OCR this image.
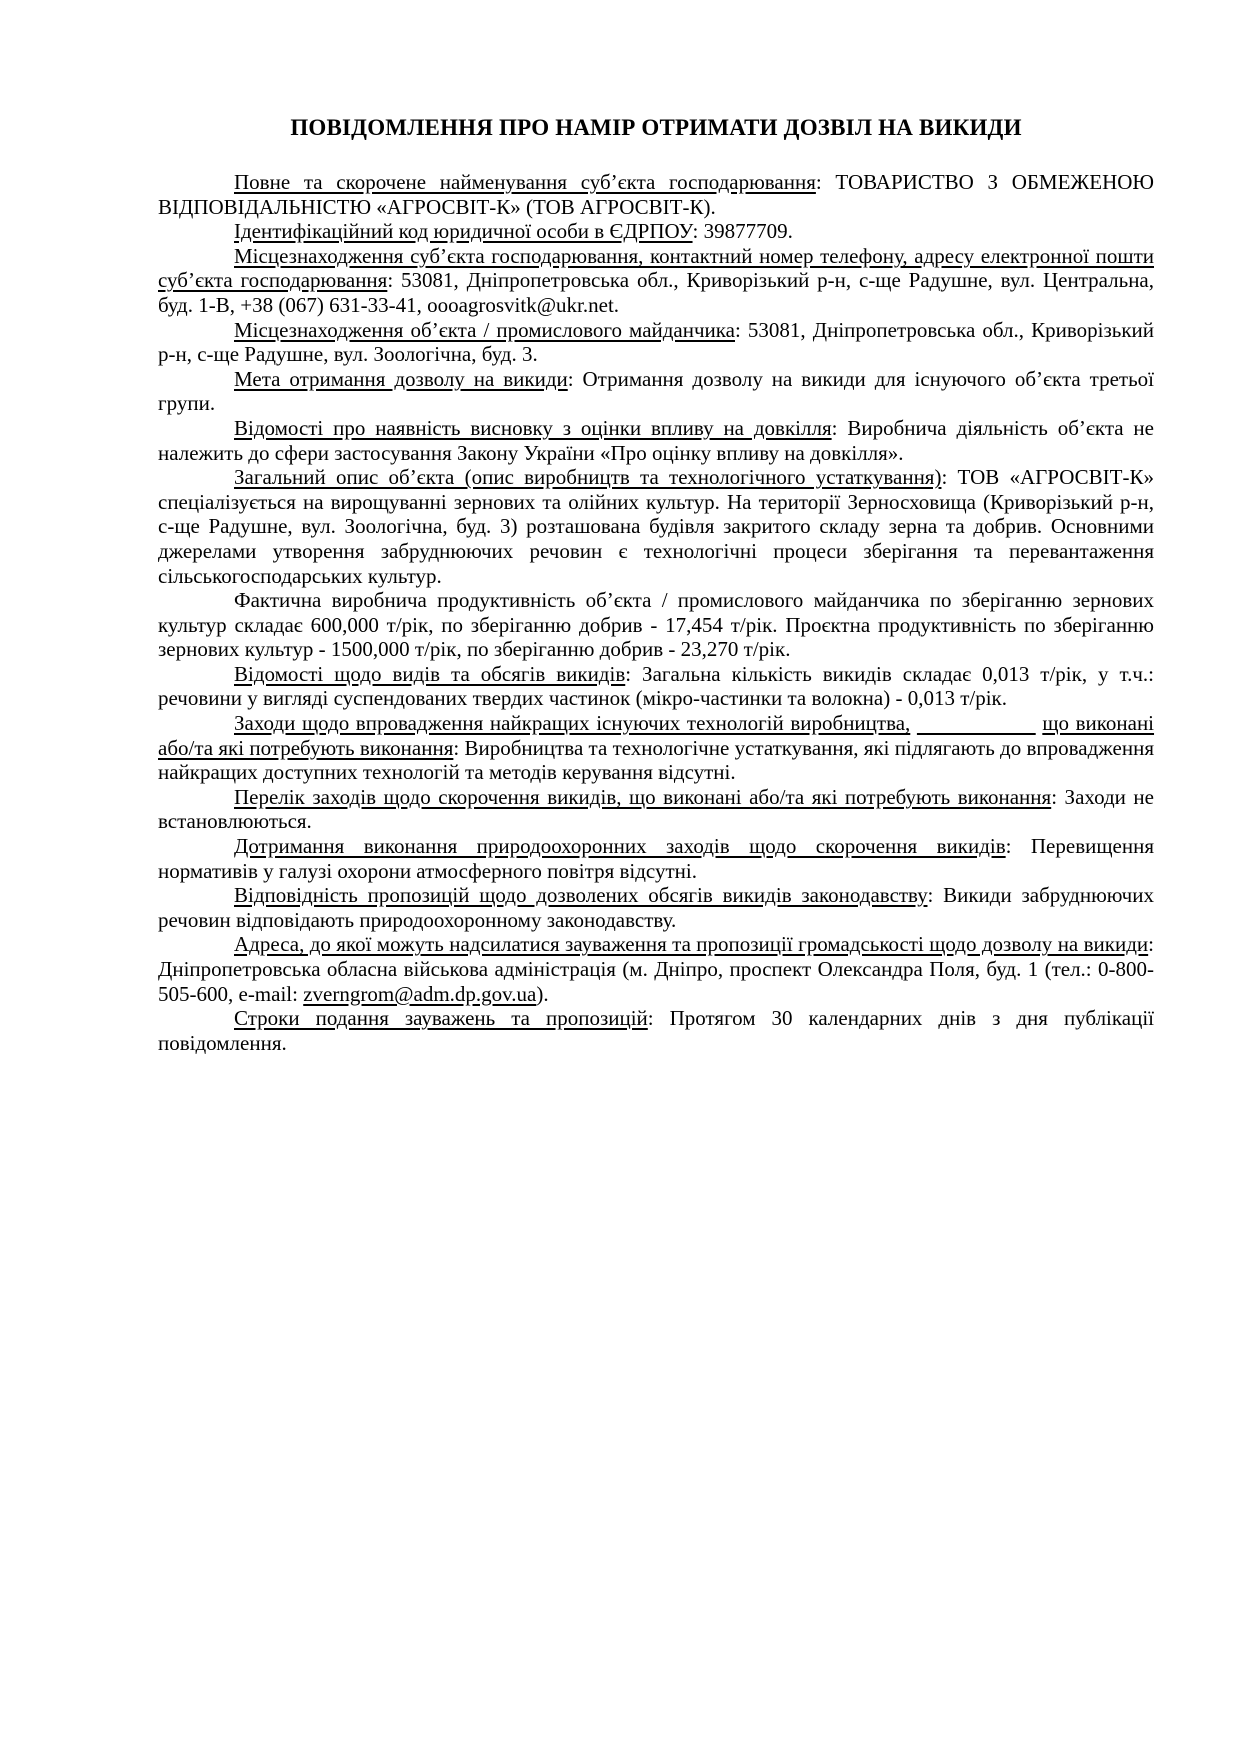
ПОВІДОМЛЕННЯ ПРО НАМІР ОТРИМАТИ ДОЗВІЛ НА ВИКИДИ

Повне та скорочене найменування суб’єкта господарювання: ТОВАРИСТВО З ОБМЕЖЕНОЮ ВІДПОВІДАЛЬНІСТЮ «АГРОСВІТ-К» (ТОВ АГРОСВІТ-К).

Ідентифікаційний код юридичної особи в ЄДРПОУ: 39877709.

Місцезнаходження суб’єкта господарювання, контактний номер телефону, адресу електронної пошти суб’єкта господарювання: 53081, Дніпропетровська обл., Криворізький р-н, с-ще Радушне, вул. Центральна, буд. 1-В, +38 (067) 631-33-41, oooagrosvitk@ukr.net.

Місцезнаходження об’єкта / промислового майданчика: 53081, Дніпропетровська обл., Криворізький р-н, с-ще Радушне, вул. Зоологічна, буд. 3.

Мета отримання дозволу на викиди: Отримання дозволу на викиди для існуючого об’єкта третьої групи.

Відомості про наявність висновку з оцінки впливу на довкілля: Виробнича діяльність об’єкта не належить до сфери застосування Закону України «Про оцінку впливу на довкілля».

Загальний опис об’єкта (опис виробництв та технологічного устаткування): ТОВ «АГРОСВІТ-К» спеціалізується на вирощуванні зернових та олійних культур. На території Зерносховища (Криворізький р-н, с-ще Радушне, вул. Зоологічна, буд. 3) розташована будівля закритого складу зерна та добрив. Основними джерелами утворення забруднюючих речовин є технологічні процеси зберігання та перевантаження сільськогосподарських культур.

Фактична виробнича продуктивність об’єкта / промислового майданчика по зберіганню зернових культур складає 600,000 т/рік, по зберіганню добрив - 17,454 т/рік. Проєктна продуктивність по зберіганню зернових культур - 1500,000 т/рік, по зберіганню добрив - 23,270 т/рік.

Відомості щодо видів та обсягів викидів: Загальна кількість викидів складає 0,013 т/рік, у т.ч.: речовини у вигляді суспендованих твердих частинок (мікро-частинки та волокна) - 0,013 т/рік.

Заходи щодо впровадження найкращих існуючих технологій виробництва,	що виконані або/та які потребують виконання: Виробництва та технологічне устаткування, які підлягають до впровадження найкращих доступних технологій та методів керування відсутні.

Перелік заходів щодо скорочення викидів, що виконані або/та які потребують виконання: Заходи не встановлюються.

Дотримання виконання природоохоронних заходів щодо скорочення викидів: Перевищення нормативів у галузі охорони атмосферного повітря відсутні.

Відповідність пропозицій щодо дозволених обсягів викидів законодавству: Викиди забруднюючих речовин відповідають природоохоронному законодавству.

Адреса, до якої можуть надсилатися зауваження та пропозиції громадськості щодо дозволу на викиди: Дніпропетровська обласна військова адміністрація (м. Дніпро, проспект Олександра Поля, буд. 1 (тел.: 0-800-505-600, e-mail: zverngrom@adm.dp.gov.ua).

Строки подання зауважень та пропозицій: Протягом 30 календарних днів з дня публікації повідомлення.
